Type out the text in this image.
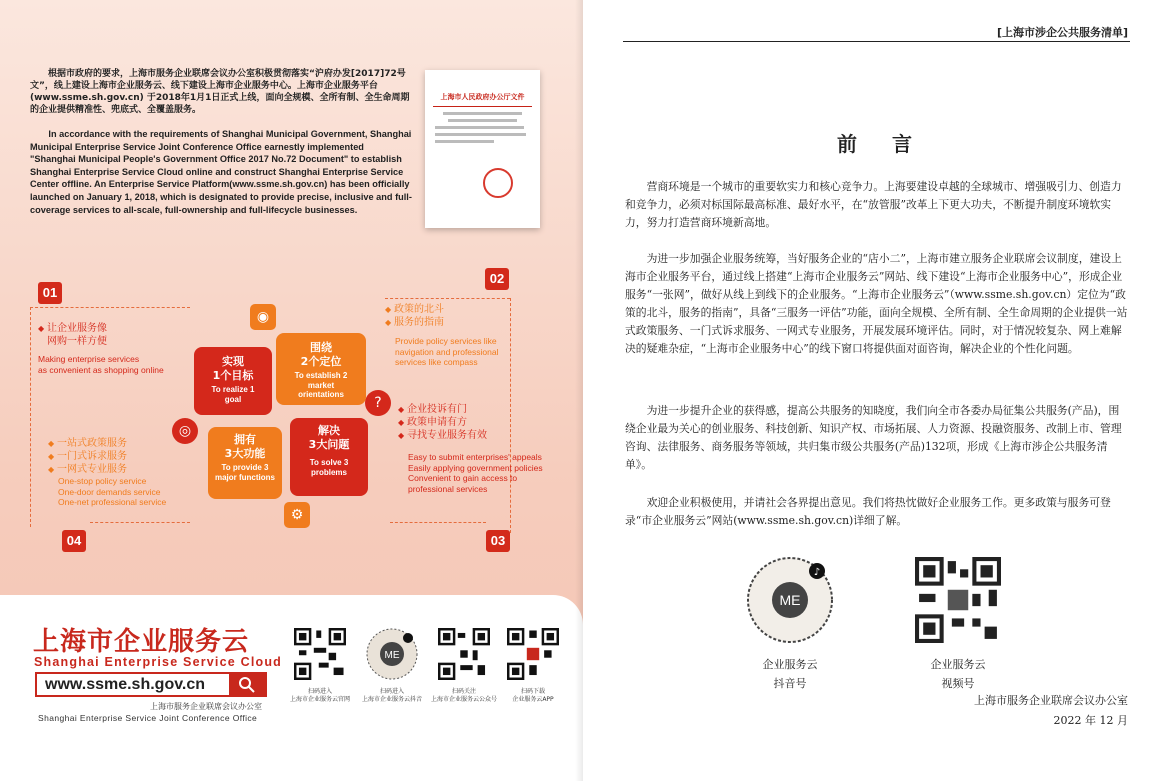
根据市政府的要求，上海市服务企业联席会议办公室积极贯彻落实“沪府办发[2017]72号文”，线上建设上海市企业服务云、线下建设上海市企业服务中心。上海市企业服务平台 (www.ssme.sh.gov.cn) 于2018年1月1日正式上线，面向全规模、全所有制、全生命周期的企业提供精准性、兜底式、全覆盖服务。

In accordance with the requirements of Shanghai Municipal Government, Shanghai Municipal Enterprise Service Joint Conference Office earnestly implemented "Shanghai Municipal People's Government Office 2017 No.72 Document" to establish Shanghai Enterprise Service Cloud online and construct Shanghai Enterprise Service Center offline. An Enterprise Service Platform(www.ssme.sh.gov.cn) has been officially launched on January 1, 2018, which is designated to provide precise, inclusive and full-coverage services to all-scale, full-ownership and full-lifecycle businesses.

上海市人民政府办公厅文件
01
02
03
04
◆ 让企业服务像
网购一样方便
Making enterprise services
as convenient as shopping online
◆ 政策的北斗
◆ 服务的指南
Provide policy services like
navigation and professional
services like compass
◆ 企业投诉有门
◆ 政策申请有方
◆ 寻找专业服务有效
Easy to submit enterprises' appeals
Easily applying government policies
Convenient to gain access to
professional services
◆ 一站式政策服务
◆ 一门式诉求服务
◆ 一网式专业服务
One-stop policy service
One-door demands service
One-net professional service
◉
◎
?
⚙
围绕
2个定位
To establish 2 market orientations
实现
1个目标
To realize 1 goal
解决
3大问题
To solve 3 problems
拥有
3大功能
To provide 3 major functions
上海市企业服务云
Shanghai Enterprise Service Cloud
www.ssme.sh.gov.cn
上海市服务企业联席会议办公室
Shanghai Enterprise Service Joint Conference Office
扫码进入
上海市企业服务云官网
ME
扫码进入
上海市企业服务云抖音
扫码关注
上海市企业服务云公众号
扫码下载
企业服务云APP
[上海市涉企公共服务清单]
前 言

营商环境是一个城市的重要软实力和核心竞争力。上海要建设卓越的全球城市、增强吸引力、创造力和竞争力，必须对标国际最高标准、最好水平，在“放管服”改革上下更大功夫，不断提升制度环境软实力，努力打造营商环境新高地。

为进一步加强企业服务统筹，当好服务企业的“店小二”，上海市建立服务企业联席会议制度，建设上海市企业服务平台，通过线上搭建“上海市企业服务云”网站、线下建设“上海市企业服务中心”，形成企业服务“一张网”，做好从线上到线下的企业服务。“上海市企业服务云”（www.ssme.sh.gov.cn）定位为“政策的北斗，服务的指南”，具备“三服务一评估”功能，面向全规模、全所有制、全生命周期的企业提供一站式政策服务、一门式诉求服务、一网式专业服务，开展发展环境评估。同时，对于情况较复杂、网上难解决的疑难杂症，“上海市企业服务中心”的线下窗口将提供面对面咨询，解决企业的个性化问题。

为进一步提升企业的获得感，提高公共服务的知晓度，我们向全市各委办局征集公共服务(产品)，围绕企业最为关心的创业服务、科技创新、知识产权、市场拓展、人力资源、投融资服务、改制上市、管理咨询、法律服务、商务服务等领域，共归集市级公共服务(产品)132项，形成《上海市涉企公共服务清单》。

欢迎企业积极使用，并请社会各界提出意见。我们将热忱做好企业服务工作。更多政策与服务可登录“市企业服务云”网站(www.ssme.sh.gov.cn)详细了解。

ME
♪
企业服务云
抖音号
企业服务云
视频号
上海市服务企业联席会议办公室
2022 年 12 月
